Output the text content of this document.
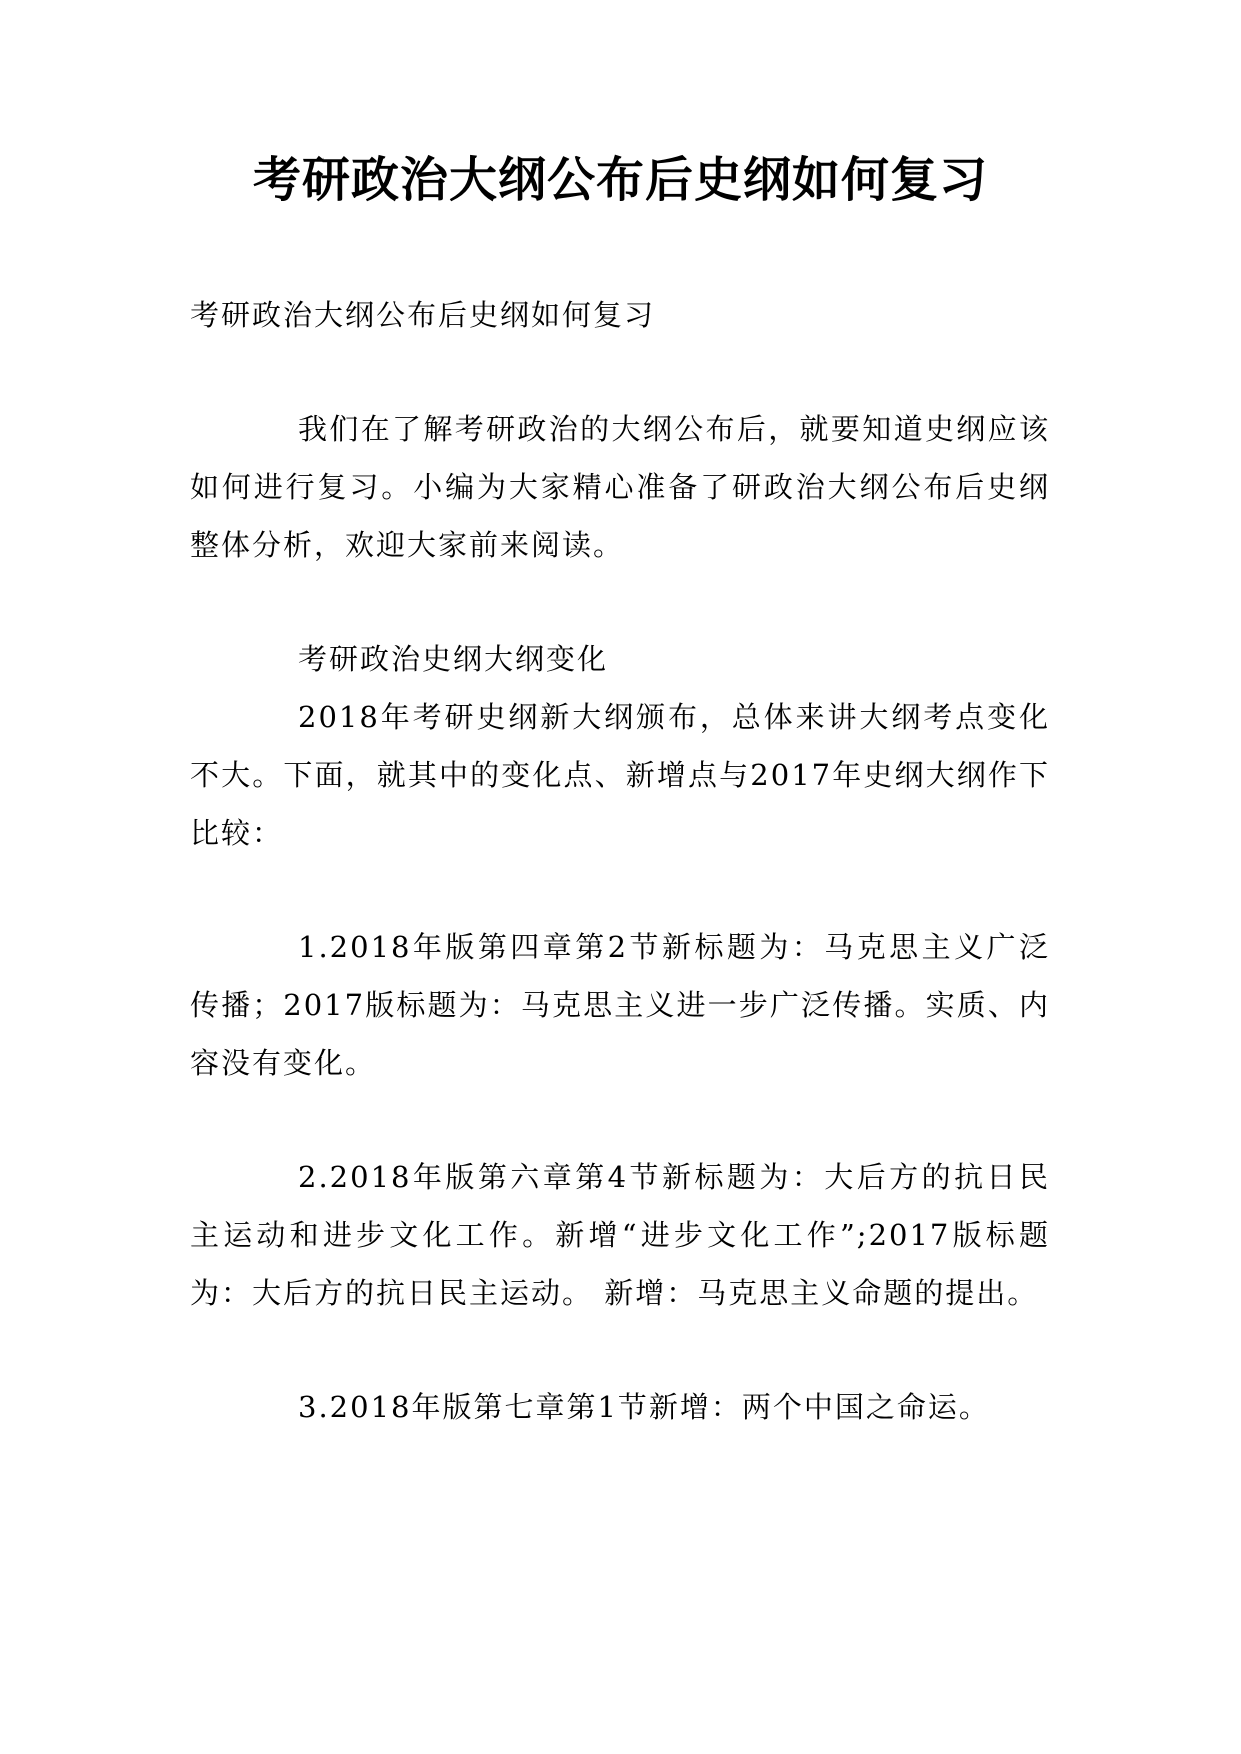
考研政治大纲公布后史纲如何复习

考研政治大纲公布后史纲如何复习

我们在了解考研政治的大纲公布后，就要知道史纲应该如何进行复习。小编为大家精心准备了研政治大纲公布后史纲整体分析，欢迎大家前来阅读。

考研政治史纲大纲变化

2018年考研史纲新大纲颁布，总体来讲大纲考点变化不大。下面，就其中的变化点、新增点与2017年史纲大纲作下比较：

1.2018年版第四章第2节新标题为：马克思主义广泛传播；2017版标题为：马克思主义进一步广泛传播。实质、内容没有变化。

2.2018年版第六章第4节新标题为：大后方的抗日民主运动和进步文化工作。新增“进步文化工作”;2017版标题为：大后方的抗日民主运动。 新增：马克思主义命题的提出。

3.2018年版第七章第1节新增：两个中国之命运。
